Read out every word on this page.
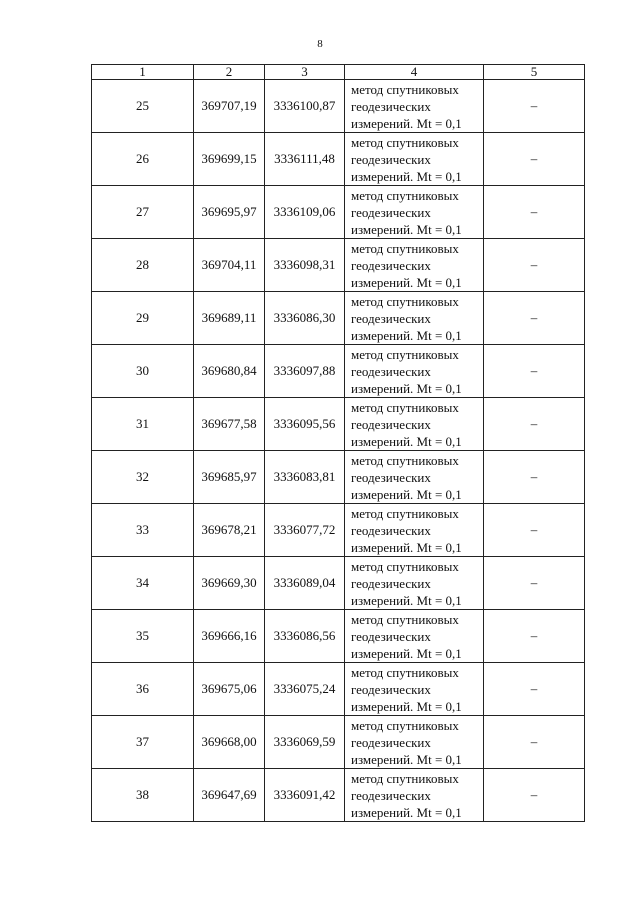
8
1	2	3	4	5
25	369707,19	3336100,87	метод спутниковых
геодезических
измерений. Mt = 0,1	–
26	369699,15	3336111,48	метод спутниковых
геодезических
измерений. Mt = 0,1	–
27	369695,97	3336109,06	метод спутниковых
геодезических
измерений. Mt = 0,1	–
28	369704,11	3336098,31	метод спутниковых
геодезических
измерений. Mt = 0,1	–
29	369689,11	3336086,30	метод спутниковых
геодезических
измерений. Mt = 0,1	–
30	369680,84	3336097,88	метод спутниковых
геодезических
измерений. Mt = 0,1	–
31	369677,58	3336095,56	метод спутниковых
геодезических
измерений. Mt = 0,1	–
32	369685,97	3336083,81	метод спутниковых
геодезических
измерений. Mt = 0,1	–
33	369678,21	3336077,72	метод спутниковых
геодезических
измерений. Mt = 0,1	–
34	369669,30	3336089,04	метод спутниковых
геодезических
измерений. Mt = 0,1	–
35	369666,16	3336086,56	метод спутниковых
геодезических
измерений. Mt = 0,1	–
36	369675,06	3336075,24	метод спутниковых
геодезических
измерений. Mt = 0,1	–
37	369668,00	3336069,59	метод спутниковых
геодезических
измерений. Mt = 0,1	–
38	369647,69	3336091,42	метод спутниковых
геодезических
измерений. Mt = 0,1	–
